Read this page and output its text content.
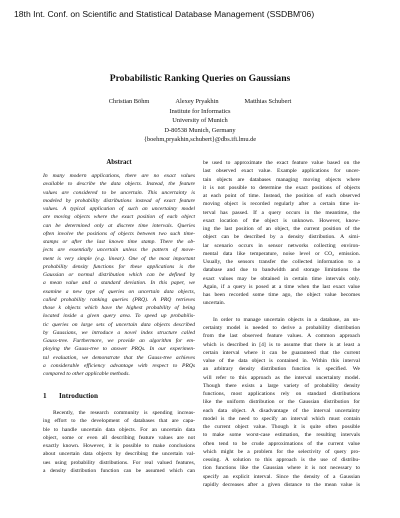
18th Int. Conf. on Scientific and Statistical Database Management (SSDBM'06)
Probabilistic Ranking Queries on Gaussians
Christian Böhm	Alexey Pryakhin	Matthias Schubert
Institute for Informatics
University of Munich
D-80538 Munich, Germany
{boehm,pryakhin,schubert}@dbs.ifi.lmu.de
Abstract

In many modern applications, there are no exact values

available to describe the data objects. Instead, the feature

values are considered to be uncertain. This uncertainty is

modeled by probability distributions instead of exact feature

values. A typical application of such an uncertainty model

are moving objects where the exact position of each object

can be determined only at discrete time intervals. Queries

often involve the positions of objects between two such time-

stamps or after the last known time stamp. There the ob-

jects are essentially uncertain unless the pattern of move-

ment is very simple (e.g. linear). One of the most important

probability density functions for these applications is the

Gaussian or normal distribution which can be defined by

a mean value and a standard deviation. In this paper, we

examine a new type of queries on uncertain data objects,

called probability ranking queries (PRQ). A PRQ retrieves

those k objects which have the highest probability of being

located inside a given query area. To speed up probabilis-

tic queries on large sets of uncertain data objects described

by Gaussians, we introduce a novel index structure called

Gauss-tree. Furthermore, we provide an algorithm for em-

ploying the Gauss-tree to answer PRQs. In our experimen-

tal evaluation, we demonstrate that the Gauss-tree achieves

a considerable efficiency advantage with respect to PRQs

compared to other applicable methods.

1 Introduction

Recently, the research community is spending increas-

ing effort to the development of databases that are capa-

ble to handle uncertain data objects. For an uncertain data

object, some or even all describing feature values are not

exactly known. However, it is possible to make conclusions

about uncertain data objects by describing the uncertain val-

ues using probability distributions. For real valued features,

a density distribution function can be assumed which can

be used to approximate the exact feature value based on the

last observed exact value. Example applications for uncer-

tain objects are databases managing moving objects where

it is not possible to determine the exact positions of objects

at each point of time. Instead, the position of each observed

moving object is recorded regularly after a certain time in-

terval has passed. If a query occurs in the meantime, the

exact location of the object is unknown. However, know-

ing the last position of an object, the current position of the

object can be described by a density distribution. A simi-

lar scenario occurs in sensor networks collecting environ-

mental data like temperature, noise level or CO₂ emission.

Usually, the sensors transfer the collected information to a

database and due to bandwidth and storage limitations the

exact values may be obtained in certain time intervals only.

Again, if a query is posed at a time when the last exact value

has been recorded some time ago, the object value becomes

uncertain.

In order to manage uncertain objects in a database, an un-

certainty model is needed to derive a probability distribution

from the last observed feature values. A common approach

which is described in [4] is to assume that there is at least a

certain interval where it can be guaranteed that the current

value of the data object is contained in. Within this interval

an arbitrary density distribution function is specified. We

will refer to this approach as the interval uncertainty model.

Though there exists a large variety of probability density

functions, most applications rely on standard distributions

like the uniform distribution or the Gaussian distribution for

each data object. A disadvantage of the interval uncertainty

model is the need to specify an interval which must contain

the current object value. Though it is quite often possible

to make some worst-case estimation, the resulting intervals

often tend to be crude approximations of the current value

which might be a problem for the selectivity of query pro-

cessing. A solution to this approach is the use of distribu-

tion functions like the Gaussian where it is not necessary to

specify an explicit interval. Since the density of a Gaussian

rapidly decreases after a given distance to the mean value is
